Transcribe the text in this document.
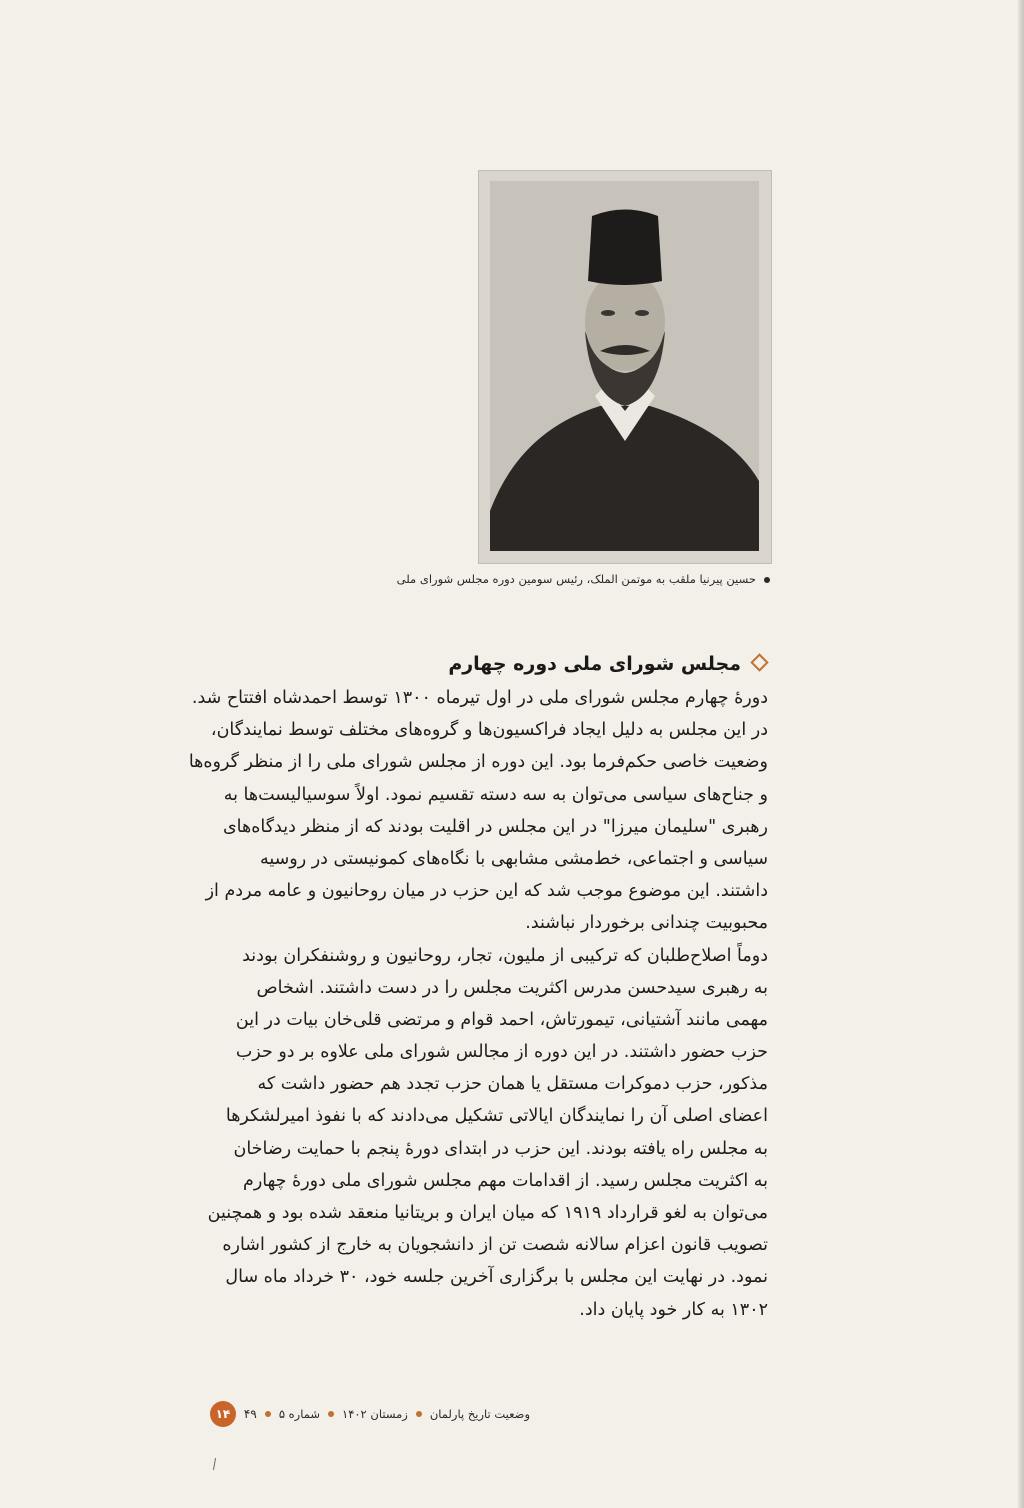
حسین پیرنیا ملقب به موتمن الملک، رئیس سومین دوره مجلس شورای ملی
مجلس شورای ملی دوره چهارم
دورهٔ چهارم مجلس شورای ملی در اول تیرماه ۱۳۰۰ توسط احمدشاه افتتاح شد.
در این مجلس به دلیل ایجاد فراکسیون‌ها و گروه‌های مختلف توسط نمایندگان،
وضعیت خاصی حکم‌فرما بود. این دوره از مجلس شورای ملی را از منظر گروه‌ها
و جناح‌های سیاسی می‌توان به سه دسته تقسیم نمود. اولاً سوسیالیست‌ها به
رهبری "سلیمان میرزا" در این مجلس در اقلیت بودند که از منظر دیدگاه‌های
سیاسی و اجتماعی، خط‌مشی مشابهی با نگاه‌های کمونیستی در روسیه
داشتند. این موضوع موجب شد که این حزب در میان روحانیون و عامه مردم از
محبوبیت چندانی برخوردار نباشند.
دوماً اصلاح‌طلبان که ترکیبی از ملیون، تجار، روحانیون و روشنفکران بودند
به رهبری سیدحسن مدرس اکثریت مجلس را در دست داشتند. اشخاص
مهمی مانند آشتیانی، تیمورتاش، احمد قوام و مرتضی قلی‌خان بیات در این
حزب حضور داشتند. در این دوره از مجالس شورای ملی علاوه بر دو حزب
مذکور، حزب دموکرات مستقل یا همان حزب تجدد هم حضور داشت که
اعضای اصلی آن را نمایندگان ایالاتی تشکیل می‌دادند که با نفوذ امیرلشکرها
به مجلس راه یافته بودند. این حزب در ابتدای دورهٔ پنجم با حمایت رضاخان
به اکثریت مجلس رسید. از اقدامات مهم مجلس شورای ملی دورهٔ چهارم
می‌توان به لغو قرارداد ۱۹۱۹ که میان ایران و بریتانیا منعقد شده بود و همچنین
تصویب قانون اعزام سالانه شصت تن از دانشجویان به خارج از کشور اشاره
نمود. در نهایت این مجلس با برگزاری آخرین جلسه خود، ۳۰ خرداد ماه سال
۱۳۰۲ به کار خود پایان داد.
وضعیت تاریخ پارلمان
زمستان ۱۴۰۲
شماره ۵
۴۹
۱۴
